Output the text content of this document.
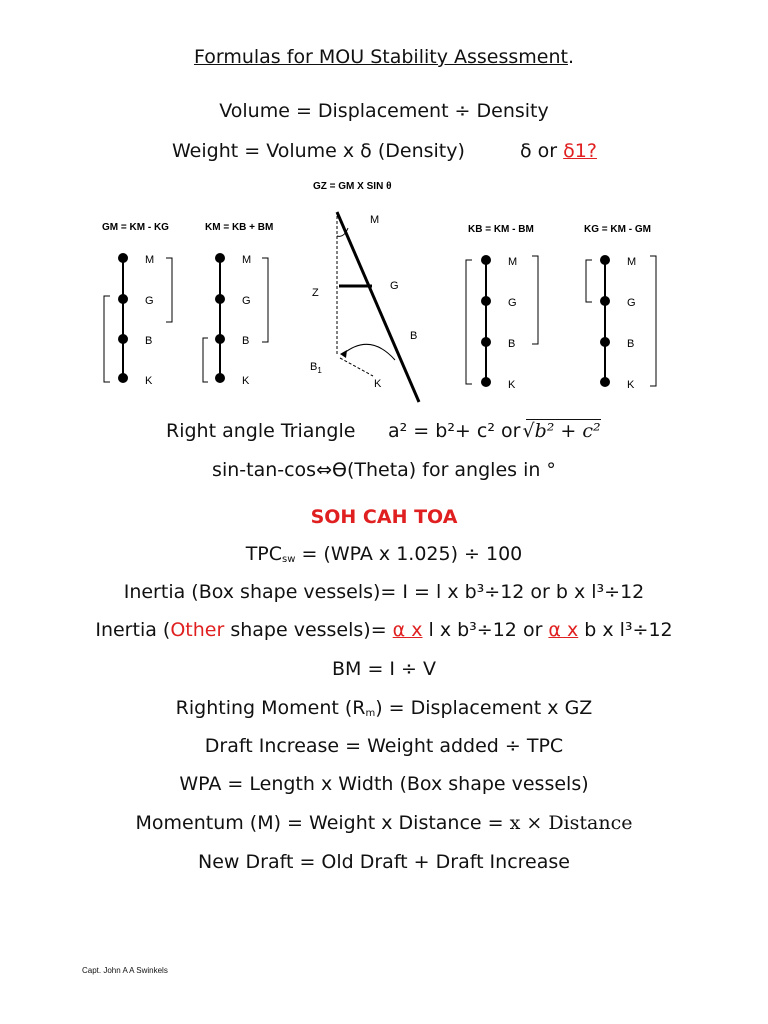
Formulas for MOU Stability Assessment.
Volume = Displacement ÷ Density
Weight = Volume x δ (Density)	δ or δ1?
GZ = GM X SIN θ
GM = KM - KG	KM = KB + BM	KB = KM - BM	KG = KM - GM
M
G
B
K
M
G
B
K
M
Z
G
B
$B_1$
K
M
G
B
K
M
G
B
K
Right angle Triangle a² = b²+ c² or √b² + c²
sin-tan-cos⇔ϴ(Theta) for angles in °
SOH CAH TOA
$TPC_{sw} = (WPA$ x 1.025) ÷ 100
Inertia (Box shape vessels)= I = l x b³÷12 or b x l³÷12
Inertia (Other shape vessels)= α x l x b³÷12 or α x b x l³÷12
BM = I ÷ V
Righting Moment $(R_m)$ = Displacement x GZ
Draft Increase = Weight added ÷ TPC
WPA = Length x Width (Box shape vessels)
Momentum (M) = Weight x Distance = x × Distance
New Draft = Old Draft + Draft Increase
Capt. John A A Swinkels
